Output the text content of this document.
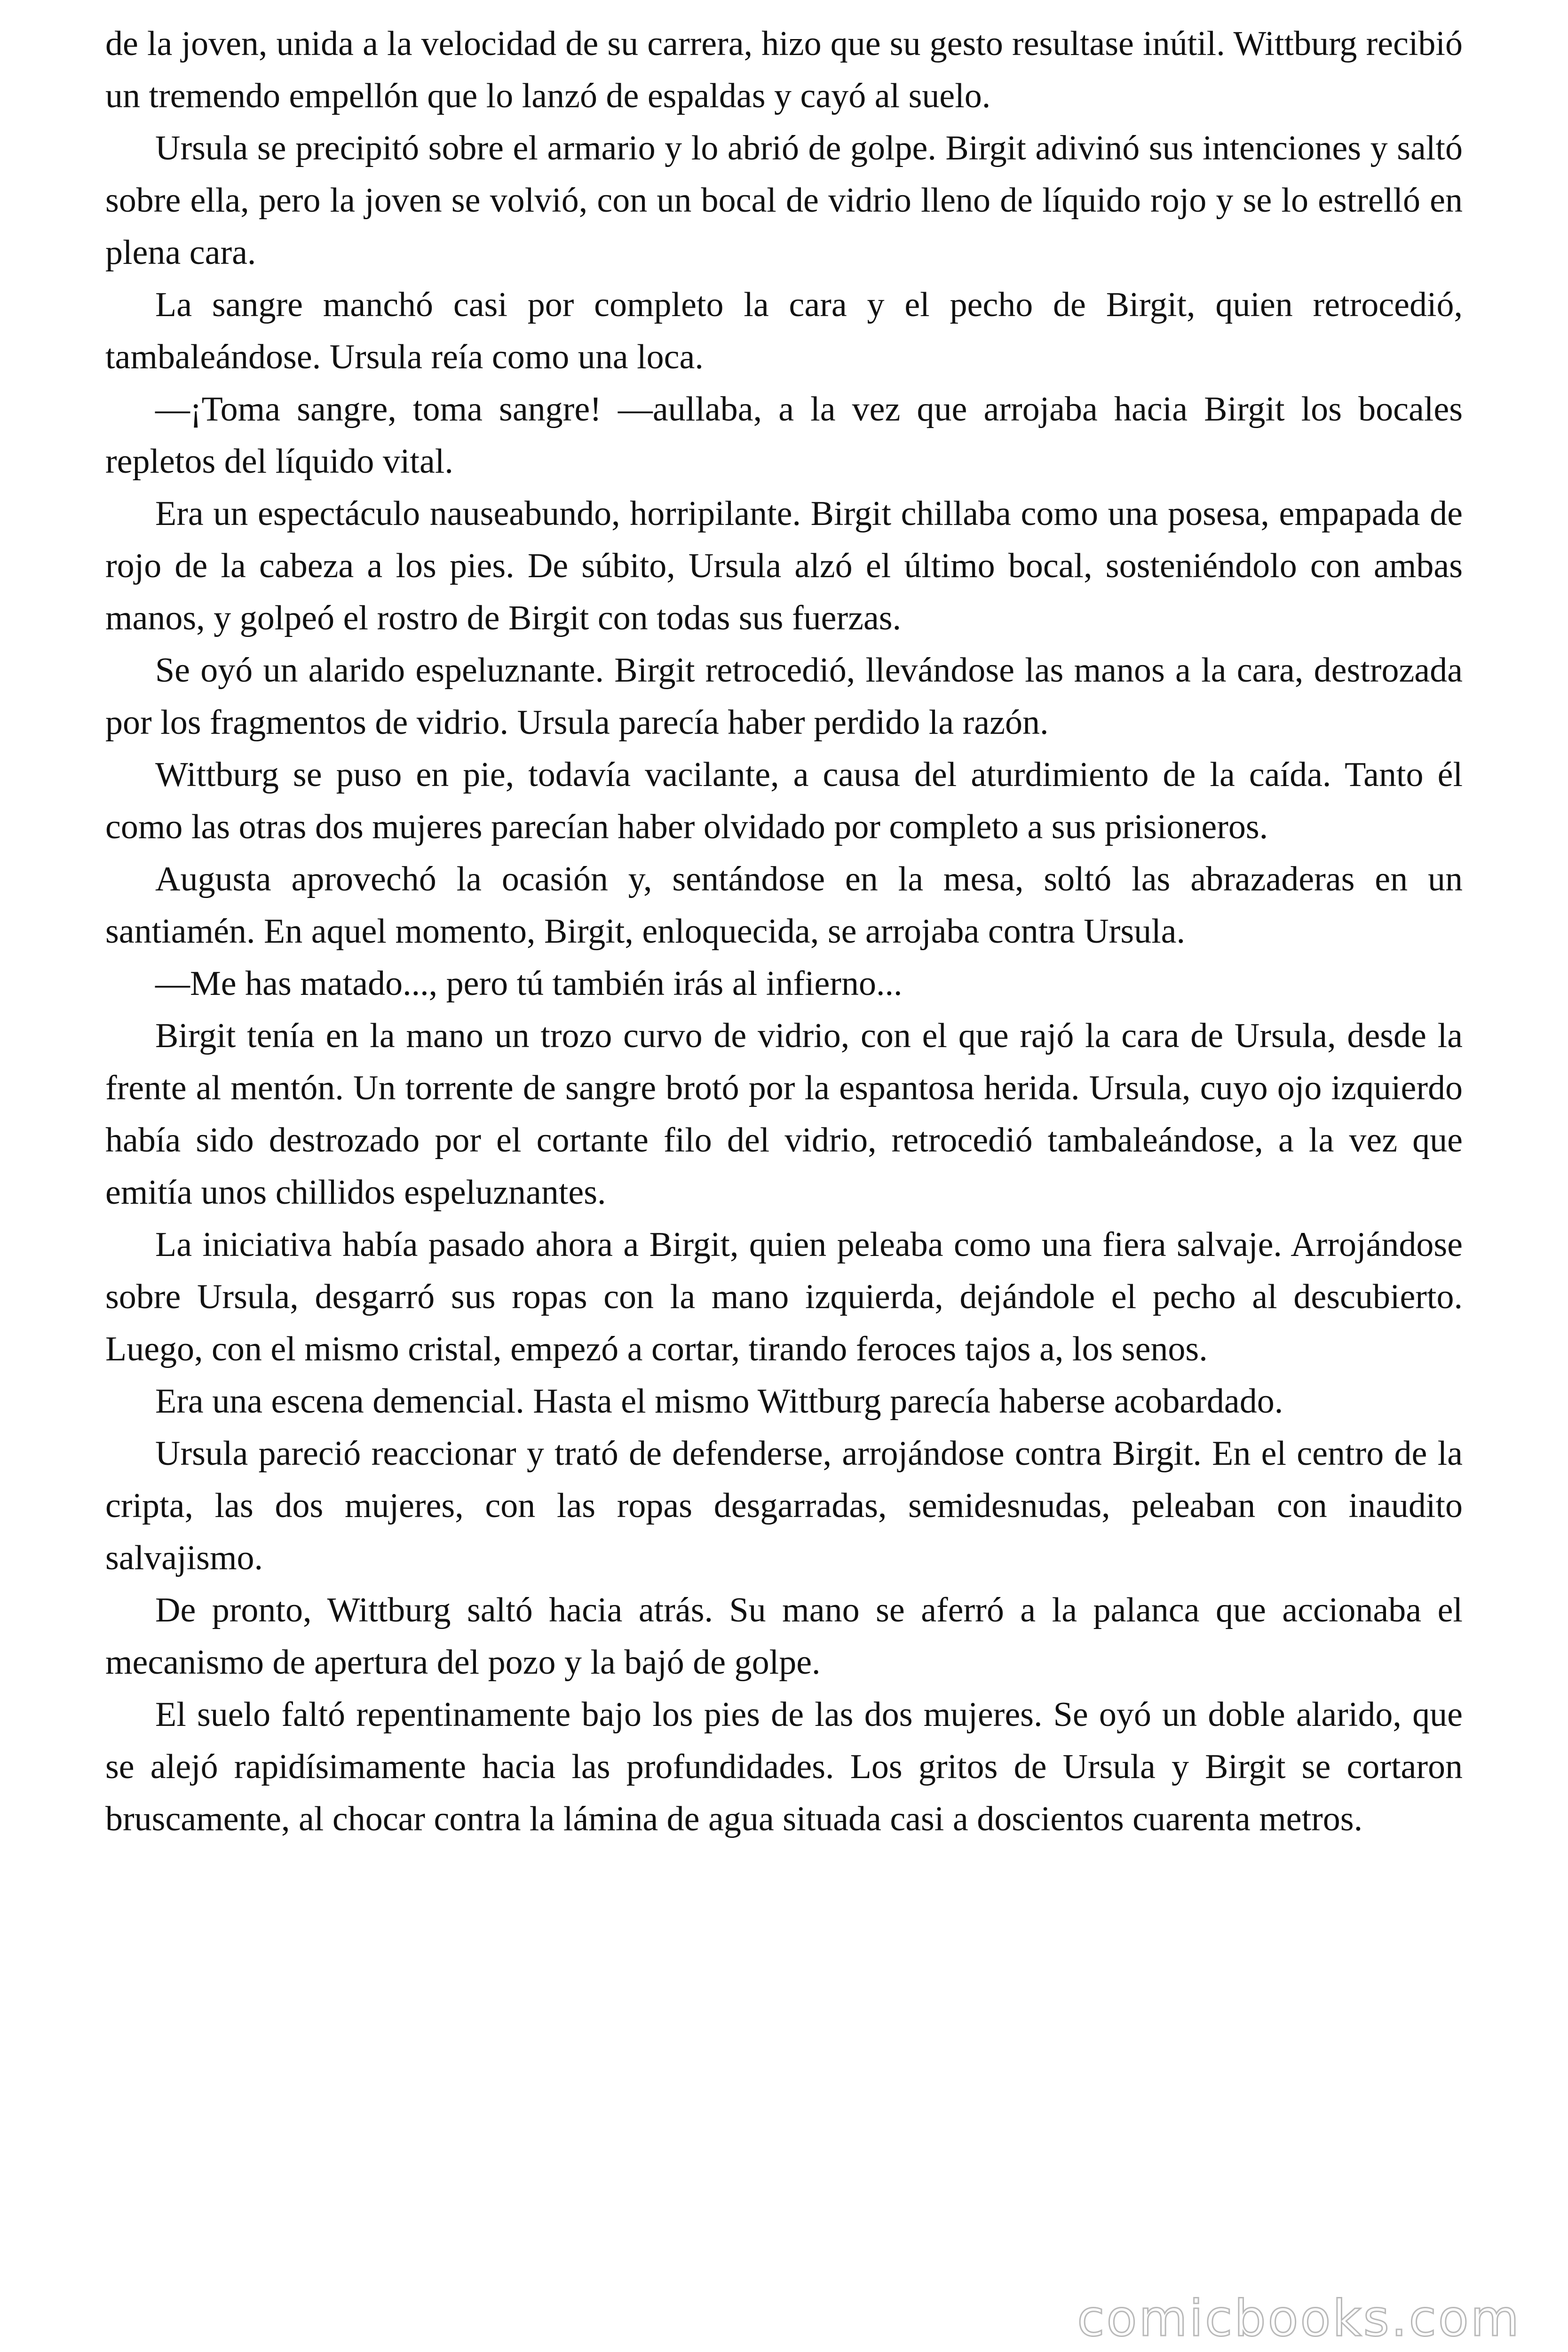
de la joven, unida a la velocidad de su carrera, hizo que su gesto resultase inútil. Wittburg recibió un tremendo empellón que lo lanzó de espaldas y cayó al suelo.

Ursula se precipitó sobre el armario y lo abrió de golpe. Birgit adivinó sus intenciones y saltó sobre ella, pero la joven se volvió, con un bocal de vidrio lleno de líquido rojo y se lo estrelló en plena cara.

La sangre manchó casi por completo la cara y el pecho de Birgit, quien retrocedió, tambaleándose. Ursula reía como una loca.

—¡Toma sangre, toma sangre! —aullaba, a la vez que arrojaba hacia Birgit los bocales repletos del líquido vital.

Era un espectáculo nauseabundo, horripilante. Birgit chillaba como una posesa, empapada de rojo de la cabeza a los pies. De súbito, Ursula alzó el último bocal, sosteniéndolo con ambas manos, y golpeó el rostro de Birgit con todas sus fuerzas.

Se oyó un alarido espeluznante. Birgit retrocedió, llevándose las manos a la cara, destrozada por los fragmentos de vidrio. Ursula parecía haber perdido la razón.

Wittburg se puso en pie, todavía vacilante, a causa del aturdimiento de la caída. Tanto él como las otras dos mujeres parecían haber olvidado por completo a sus prisioneros.

Augusta aprovechó la ocasión y, sentándose en la mesa, soltó las abrazaderas en un santiamén. En aquel momento, Birgit, enloquecida, se arrojaba contra Ursula.

—Me has matado..., pero tú también irás al infierno...

Birgit tenía en la mano un trozo curvo de vidrio, con el que rajó la cara de Ursula, desde la frente al mentón. Un torrente de sangre brotó por la espantosa herida. Ursula, cuyo ojo izquierdo había sido destrozado por el cortante filo del vidrio, retrocedió tambaleándose, a la vez que emitía unos chillidos espeluznantes.

La iniciativa había pasado ahora a Birgit, quien peleaba como una fiera salvaje. Arrojándose sobre Ursula, desgarró sus ropas con la mano izquierda, dejándole el pecho al descubierto. Luego, con el mismo cristal, empezó a cortar, tirando feroces tajos a, los senos.

Era una escena demencial. Hasta el mismo Wittburg parecía haberse acobardado.

Ursula pareció reaccionar y trató de defenderse, arrojándose contra Birgit. En el centro de la cripta, las dos mujeres, con las ropas desgarradas, semidesnudas, peleaban con inaudito salvajismo.

De pronto, Wittburg saltó hacia atrás. Su mano se aferró a la palanca que accionaba el mecanismo de apertura del pozo y la bajó de golpe.

El suelo faltó repentinamente bajo los pies de las dos mujeres. Se oyó un doble alarido, que se alejó rapidísimamente hacia las profundidades. Los gritos de Ursula y Birgit se cortaron bruscamente, al chocar contra la lámina de agua situada casi a doscientos cuarenta metros.

comicbooks.com
